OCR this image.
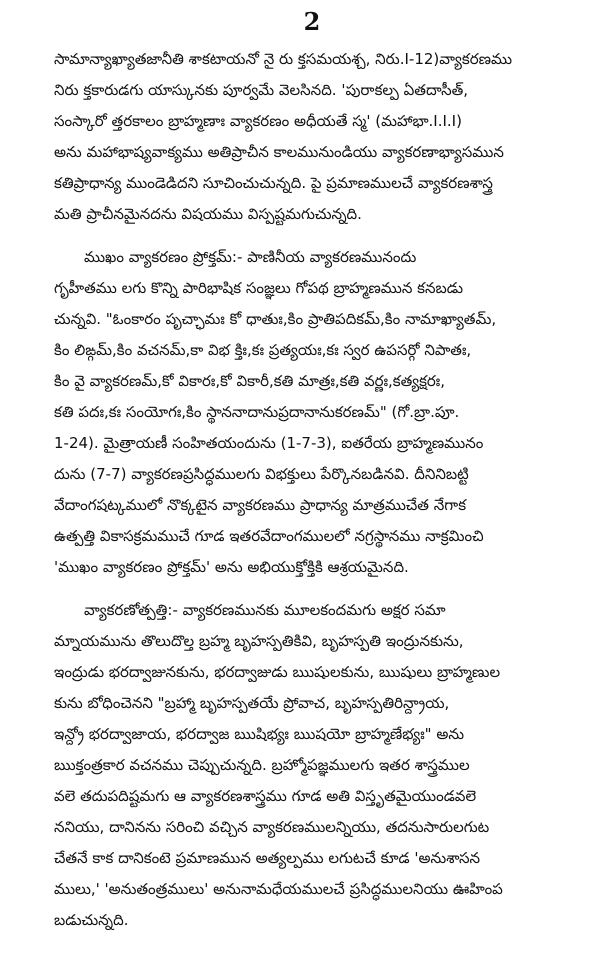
2
సామాన్యాఖ్యాతజానీతి శాకటాయనో నై రు క్తసమయశ్చ, నిరు.I-12)వ్యాకరణము
నిరు క్తకారుడగు యాస్కునకు పూర్వమే వెలసినది. 'పురాకల్ప ఏతదాసీత్,
సంస్కారో త్తరకాలం బ్రాహ్మణాః వ్యాకరణం అధీయతే స్మ' (మహాభా.I.I.I)
అను మహాభాష్యవాక్యము అతిప్రాచీన కాలమునుండియు వ్యాకరణాభ్యాసమున
కతిప్రాధాన్య ముండెడిదని సూచించుచున్నది. పై ప్రమాణములచే వ్యాకరణశాస్త్ర
మతి ప్రాచీనమైనదను విషయము విస్పష్టమగుచున్నది.
ముఖం వ్యాకరణం ప్రోక్తమ్:- పాణినీయ వ్యాకరణమునందు
గృహీతము లగు కొన్ని పారిభాషిక సంజ్ఞలు గోపథ బ్రాహ్మణమున కనబడు
చున్నవి. "ఓంకారం పృచ్ఛామః కో ధాతుః,కిం ప్రాతిపదికమ్,కిం నామాఖ్యాతమ్,
కిం లిఙ్గమ్,కిం వచనమ్,కా విభ క్తిః,కః ప్రత్యయః,కః స్వర ఉపసర్గో నిపాతః,
కిం వై వ్యాకరణమ్,కో వికారః,కో వికారీ,కతి మాత్రః,కతి వర్ణః,కత్యక్షరః,
కతి పదః,కః సంయోగః,కిం స్థాననాదానుప్రదానానుకరణమ్" (గో.బ్రా.పూ.
1-24). మైత్రాయణీ సంహితయందును (1-7-3), ఐతరేయ బ్రాహ్మణమునం
దును (7-7) వ్యాకరణప్రసిద్ధములగు విభక్తులు పేర్కొనబడినవి. దీనినిబట్టి
వేదాంగషట్కములో నొక్కటైన వ్యాకరణము ప్రాధాన్య మాత్రముచేత నేగాక
ఉత్పత్తి వికాసక్రమముచే గూడ ఇతరవేదాంగములలో నగ్రస్థానము నాక్రమించి
'ముఖం వ్యాకరణం ప్రోక్తమ్' అను అభియుక్తోక్తికి ఆశ్రయమైనది.
వ్యాకరణోత్పత్తి:- వ్యాకరణమునకు మూలకందమగు అక్షర సమా
మ్నాయమును తొలుదొల్త బ్రహ్మ బృహస్పతికివి, బృహస్పతి ఇంద్రునకును,
ఇంద్రుడు భరద్వాజునకును, భరద్వాజుడు ఋషులకును, ఋషులు బ్రాహ్మణుల
కును బోధించెనని "బ్రహ్మా బృహస్పతయే ప్రోవాచ, బృహస్పతిరిన్ద్రాయ,
ఇన్ద్రో భరద్వాజాయ, భరద్వాజ ఋషిభ్యః ఋషయో బ్రాహ్మణేభ్యః" అను
ఋక్తంత్రకార వచనము చెప్పుచున్నది. బ్రహ్మోపజ్ఞములగు ఇతర శాస్త్రముల
వలె తదుపదిష్టమగు ఆ వ్యాకరణశాస్త్రము గూడ అతి విస్తృతమైయుండవలె
ననియు, దానినను సరించి వచ్చిన వ్యాకరణములన్నియు, తదనుసారులగుట
చేతనే కాక దానికంటె ప్రమాణమున అత్యల్పము లగుటచే కూడ 'అనుశాసన
ములు,' 'అనుతంత్రములు' అనునామధేయములచే ప్రసిద్ధములనియు ఊహింప
బడుచున్నది.
